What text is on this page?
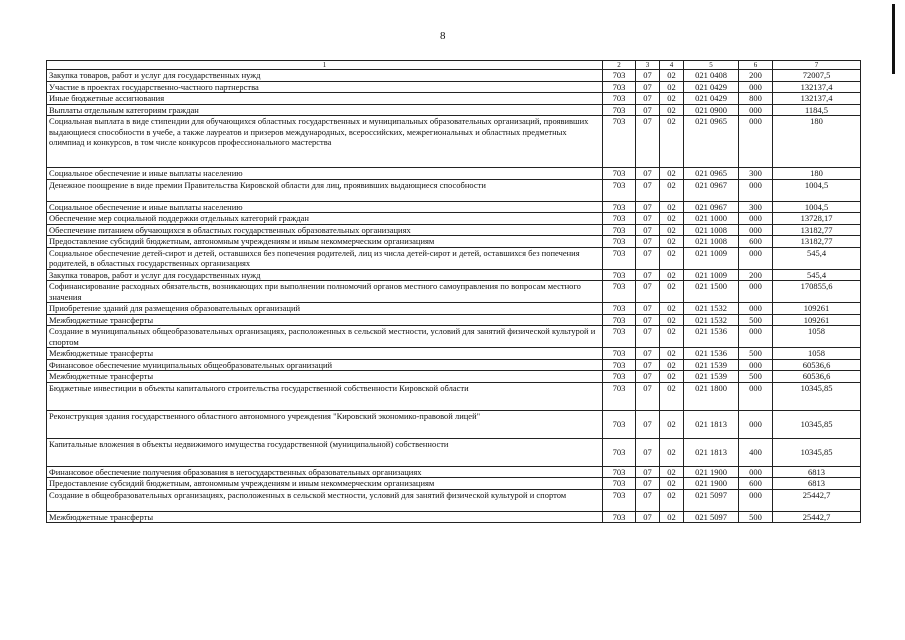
8
1	2	3	4	5	6	7
Закупка товаров, работ и услуг для государственных нужд	703	07	02	021 0408	200	72007,5
Участие в проектах государственно-частного партнерства	703	07	02	021 0429	000	132137,4
Иные бюджетные ассигнования	703	07	02	021 0429	800	132137,4
Выплаты отдельным категориям граждан	703	07	02	021 0900	000	1184,5
Социальная выплата в виде стипендии для обучающихся областных государственных и муниципальных образовательных организаций, проявивших выдающиеся способности в учебе, а также лауреатов и призеров международных, всероссийских, межрегиональных и областных предметных олимпиад и конкурсов, в том числе конкурсов профессионального мастерства	703	07	02	021 0965	000	180
Социальное обеспечение и иные выплаты населению	703	07	02	021 0965	300	180
Денежное поощрение в виде премии Правительства Кировской области для лиц, проявивших выдающиеся способности	703	07	02	021 0967	000	1004,5
Социальное обеспечение и иные выплаты населению	703	07	02	021 0967	300	1004,5
Обеспечение мер социальной поддержки отдельных категорий граждан	703	07	02	021 1000	000	13728,17
Обеспечение питанием обучающихся в областных государственных образовательных организациях	703	07	02	021 1008	000	13182,77
Предоставление субсидий бюджетным, автономным учреждениям и иным некоммерческим организациям	703	07	02	021 1008	600	13182,77
Социальное обеспечение детей-сирот и детей, оставшихся без попечения родителей, лиц из числа детей-сирот и детей, оставшихся без попечения родителей, в областных государственных организациях	703	07	02	021 1009	000	545,4
Закупка товаров, работ и услуг для государственных нужд	703	07	02	021 1009	200	545,4
Софинансирование расходных обязательств, возникающих при выполнении полномочий органов местного самоуправления по вопросам местного значения	703	07	02	021 1500	000	170855,6
Приобретение зданий для размещения образовательных организаций	703	07	02	021 1532	000	109261
Межбюджетные трансферты	703	07	02	021 1532	500	109261
Создание в муниципальных общеобразовательных организациях, расположенных в сельской местности, условий для занятий физической культурой и спортом	703	07	02	021 1536	000	1058
Межбюджетные трансферты	703	07	02	021 1536	500	1058
Финансовое обеспечение муниципальных общеобразовательных организаций	703	07	02	021 1539	000	60536,6
Межбюджетные трансферты	703	07	02	021 1539	500	60536,6
Бюджетные инвестиции в объекты капитального строительства государственной собственности Кировской области	703	07	02	021 1800	000	10345,85
Реконструкция здания государственного областного автономного учреждения "Кировский экономико-правовой лицей"	703	07	02	021 1813	000	10345,85
Капитальные вложения в объекты недвижимого имущества государственной (муниципальной) собственности	703	07	02	021 1813	400	10345,85
Финансовое обеспечение получения образования в негосударственных образовательных организациях	703	07	02	021 1900	000	6813
Предоставление субсидий бюджетным, автономным учреждениям и иным некоммерческим организациям	703	07	02	021 1900	600	6813
Создание в общеобразовательных организациях, расположенных в сельской местности, условий для занятий физической культурой и спортом	703	07	02	021 5097	000	25442,7
Межбюджетные трансферты	703	07	02	021 5097	500	25442,7
